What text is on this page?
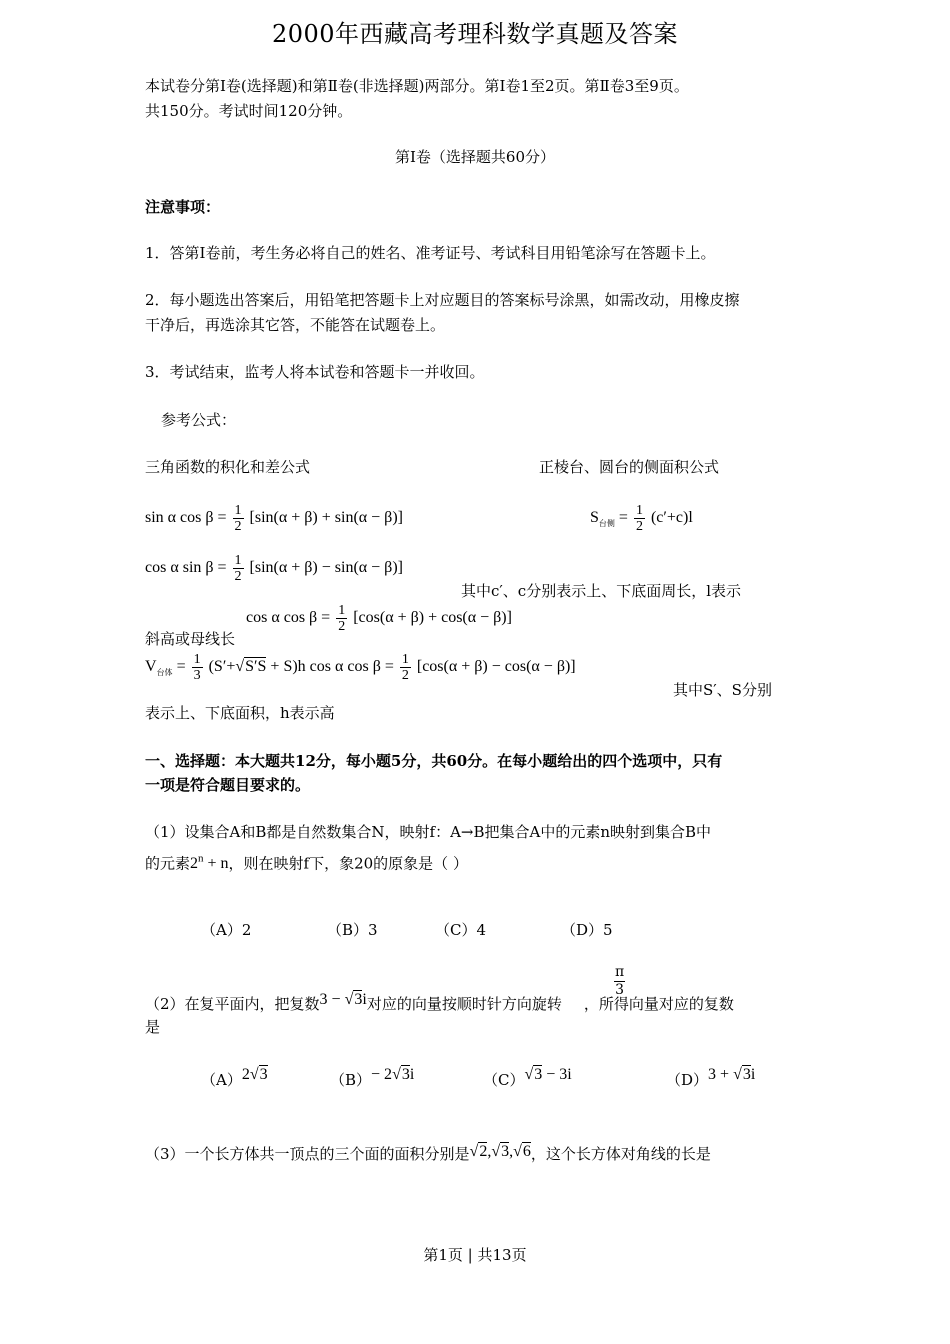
2000年西藏高考理科数学真题及答案
本试卷分第Ⅰ卷(选择题)和第Ⅱ卷(非选择题)两部分。第Ⅰ卷1至2页。第Ⅱ卷3至9页。
共150分。考试时间120分钟。
第Ⅰ卷（选择题共60分）
注意事项：
1．答第Ⅰ卷前，考生务必将自己的姓名、准考证号、考试科目用铅笔涂写在答题卡上。
2．每小题选出答案后，用铅笔把答题卡上对应题目的答案标号涂黑，如需改动，用橡皮擦
干净后，再选涂其它答，不能答在试题卷上。
3．考试结束，监考人将本试卷和答题卡一并收回。
参考公式：
三角函数的积化和差公式	正棱台、圆台的侧面积公式
sin α $\cos \beta = \frac{1}{2} [\sin(\alpha + \beta) + \sin(\alpha - \beta)]$	$S_{台侧} = \frac{1}{2} (c'+c)l$
cos α $\sin \beta = \frac{1}{2} [\sin(\alpha + \beta) - \sin(\alpha - \beta)]$
其中c′、c分别表示上、下底面周长，l表示
cos α $\cos \beta = \frac{1}{2} [\cos(\alpha + \beta) + \cos(\alpha - \beta)]$
斜高或母线长
$V_{台体} = \frac{1}{3} (S'+√S'S + S)h$ cos α $\cos \beta = \frac{1}{2} [\cos(\alpha + \beta) - \cos(\alpha - \beta)]$
其中S′、S分别
表示上、下底面积，h表示高
一、选择题：本大题共12分，每小题5分，共60分。在每小题给出的四个选项中，只有
一项是符合题目要求的。
（1）设集合A和B都是自然数集合N，映射f：A→B把集合A中的元素n映射到集合B中
的元素$2^n + n$，则在映射f下，象20的原象是（ ）
（A）2	（B）3	（C）4	（D）5
$\frac{\pi}{3}$
（2）在复平面内，把复数3 − √3i对应的向量按顺时针方向旋转 ，所得向量对应的复数
是
（A）2√3	（B）− 2√3i	（C）√3 − 3i	（D）3 + √3i
（3）一个长方体共一顶点的三个面的面积分别是√2,√3,√6，这个长方体对角线的长是
第1页 | 共13页
